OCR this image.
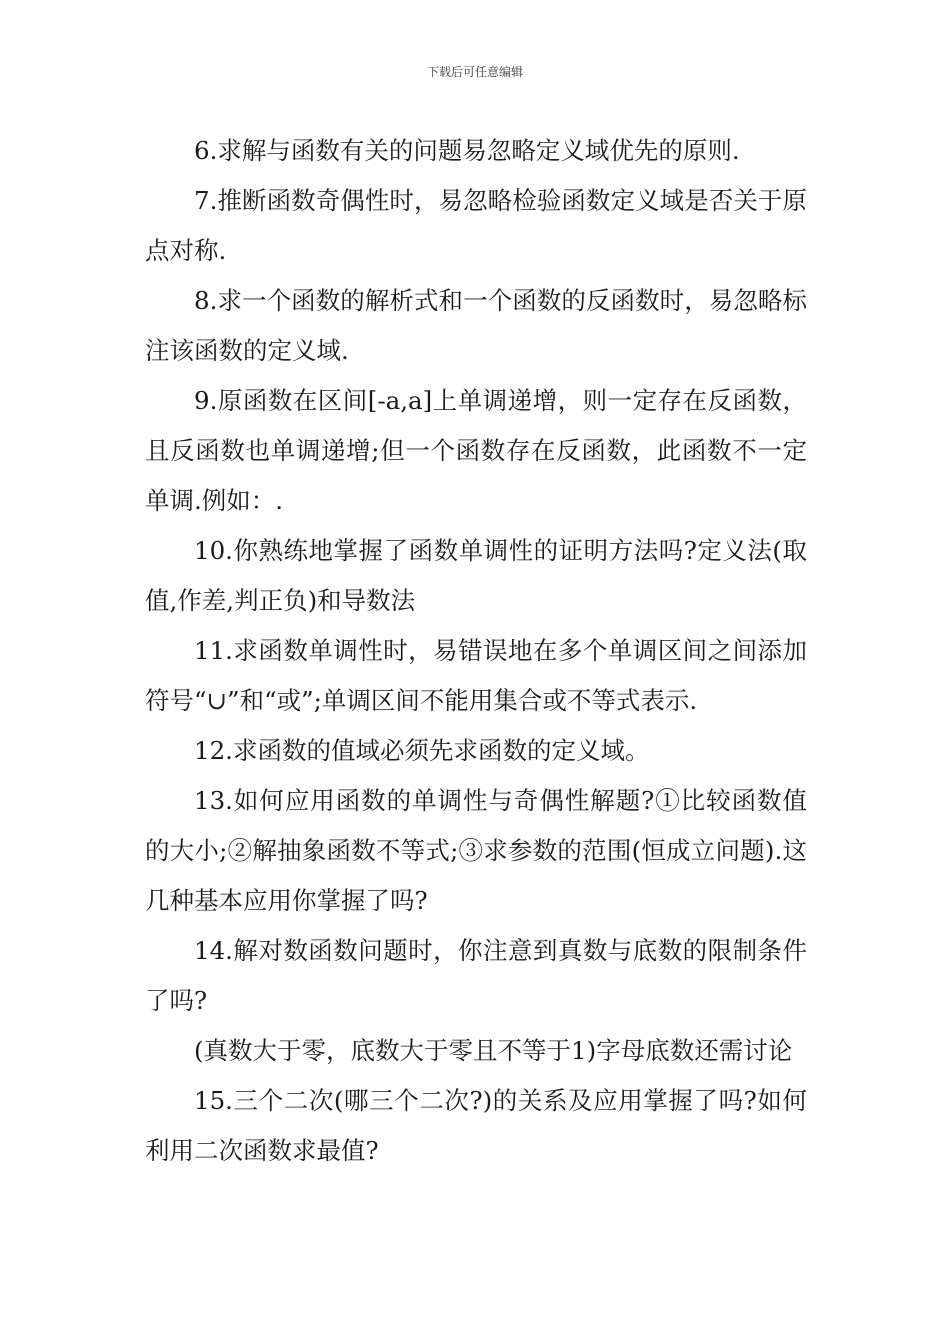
下载后可任意编辑

6.求解与函数有关的问题易忽略定义域优先的原则.

7.推断函数奇偶性时，易忽略检验函数定义域是否关于原点对称.

8.求一个函数的解析式和一个函数的反函数时，易忽略标注该函数的定义域.

9.原函数在区间[-a,a]上单调递增，则一定存在反函数，且反函数也单调递增;但一个函数存在反函数，此函数不一定单调.例如：.

10.你熟练地掌握了函数单调性的证明方法吗?定义法(取值,作差,判正负)和导数法

11.求函数单调性时，易错误地在多个单调区间之间添加符号“∪”和“或”;单调区间不能用集合或不等式表示.

12.求函数的值域必须先求函数的定义域。

13.如何应用函数的单调性与奇偶性解题?①比较函数值的大小;②解抽象函数不等式;③求参数的范围(恒成立问题).这几种基本应用你掌握了吗?

14.解对数函数问题时，你注意到真数与底数的限制条件了吗?

(真数大于零，底数大于零且不等于1)字母底数还需讨论

15.三个二次(哪三个二次?)的关系及应用掌握了吗?如何利用二次函数求最值?
